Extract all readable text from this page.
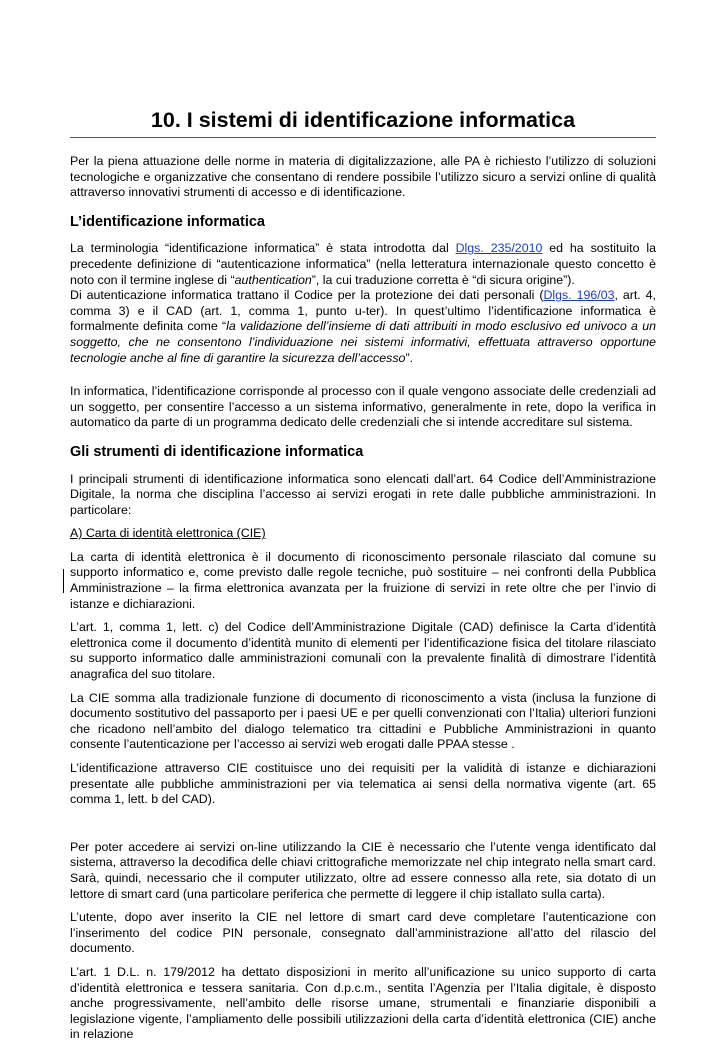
10. I sistemi di identificazione informatica

Per la piena attuazione delle norme in materia di digitalizzazione, alle PA è richiesto l’utilizzo di soluzioni tecnologiche e organizzative che consentano di rendere possibile l’utilizzo sicuro a servizi online di qualità attraverso innovativi strumenti di accesso e di identificazione.

L’identificazione informatica

La terminologia “identificazione informatica” è stata introdotta dal Dlgs. 235/2010 ed ha sostituito la precedente definizione di “autenticazione informatica” (nella letteratura internazionale questo concetto è noto con il termine inglese di “authentication”, la cui traduzione corretta è “di sicura origine”).
Di autenticazione informatica trattano il Codice per la protezione dei dati personali (Dlgs. 196/03, art. 4, comma 3) e il CAD (art. 1, comma 1, punto u-ter). In quest’ultimo l’identificazione informatica è formalmente definita come “la validazione dell’insieme di dati attribuiti in modo esclusivo ed univoco a un soggetto, che ne consentono l’individuazione nei sistemi informativi, effettuata attraverso opportune tecnologie anche al fine di garantire la sicurezza dell’accesso”.

In informatica, l’identificazione corrisponde al processo con il quale vengono associate delle credenziali ad un soggetto, per consentire l’accesso a un sistema informativo, generalmente in rete, dopo la verifica in automatico da parte di un programma dedicato delle credenziali che si intende accreditare sul sistema.

Gli strumenti di identificazione informatica

I principali strumenti di identificazione informatica sono elencati dall’art. 64 Codice dell’Amministrazione Digitale, la norma che disciplina l’accesso ai servizi erogati in rete dalle pubbliche amministrazioni. In particolare:

A) Carta di identità elettronica (CIE)

La carta di identità elettronica è il documento di riconoscimento personale rilasciato dal comune su supporto informatico e, come previsto dalle regole tecniche, può sostituire – nei confronti della Pubblica Amministrazione – la firma elettronica avanzata per la fruizione di servizi in rete oltre che per l’invio di istanze e dichiarazioni.

L’art. 1, comma 1, lett. c) del Codice dell’Amministrazione Digitale (CAD) definisce la Carta d’identità elettronica come il documento d’identità munito di elementi per l’identificazione fisica del titolare rilasciato su supporto informatico dalle amministrazioni comunali con la prevalente finalità di dimostrare l’identità anagrafica del suo titolare.

La CIE somma alla tradizionale funzione di documento di riconoscimento a vista (inclusa la funzione di documento sostitutivo del passaporto per i paesi UE e per quelli convenzionati con l’Italia) ulteriori funzioni che ricadono nell’ambito del dialogo telematico tra cittadini e Pubbliche Amministrazioni in quanto consente l’autenticazione per l’accesso ai servizi web erogati dalle PPAA stesse .

L’identificazione attraverso CIE costituisce uno dei requisiti per la validità di istanze e dichiarazioni presentate alle pubbliche amministrazioni per via telematica ai sensi della normativa vigente (art. 65 comma 1, lett. b del CAD).

Per poter accedere ai servizi on-line utilizzando la CIE è necessario che l’utente venga identificato dal sistema, attraverso la decodifica delle chiavi crittografiche memorizzate nel chip integrato nella smart card. Sarà, quindi, necessario che il computer utilizzato, oltre ad essere connesso alla rete, sia dotato di un lettore di smart card (una particolare periferica che permette di leggere il chip istallato sulla carta).

L’utente, dopo aver inserito la CIE nel lettore di smart card deve completare l’autenticazione con l’inserimento del codice PIN personale, consegnato dall’amministrazione all’atto del rilascio del documento.

L’art. 1 D.L. n. 179/2012 ha dettato disposizioni in merito all’unificazione su unico supporto di carta d’identità elettronica e tessera sanitaria. Con d.p.c.m., sentita l’Agenzia per l’Italia digitale, è disposto anche progressivamente, nell’ambito delle risorse umane, strumentali e finanziarie disponibili a legislazione vigente, l’ampliamento delle possibili utilizzazioni della carta d’identità elettronica (CIE) anche in relazione
